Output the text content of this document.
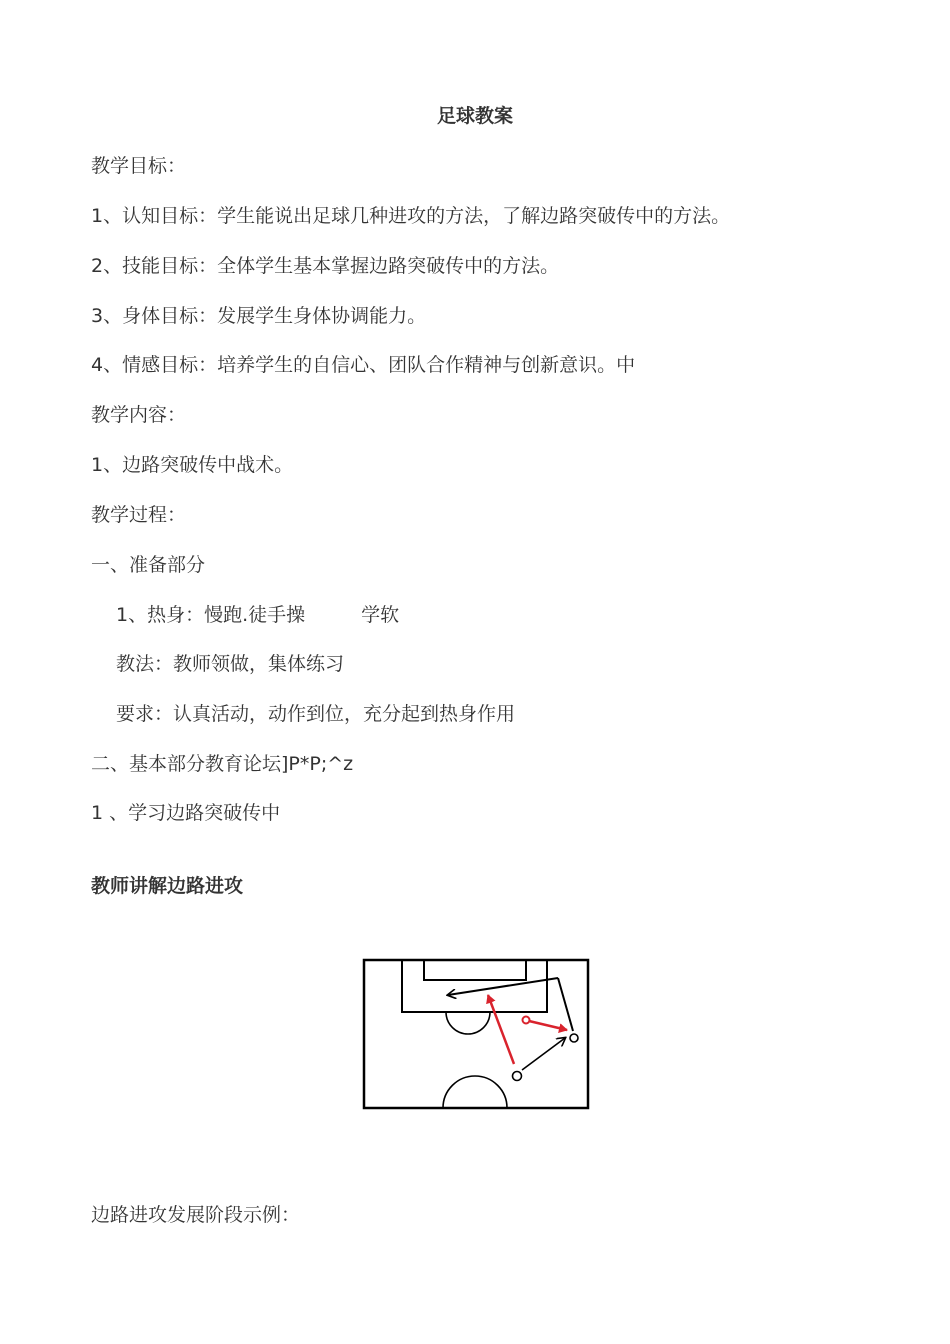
足球教案
教学目标：
1、认知目标：学生能说出足球几种进攻的方法，了解边路突破传中的方法。
2、技能目标：全体学生基本掌握边路突破传中的方法。
3、身体目标：发展学生身体协调能力。
4、情感目标：培养学生的自信心、团队合作精神与创新意识。中
教学内容：
1、边路突破传中战术。
教学过程：
一、准备部分
1、热身：慢跑.徒手操	学软
教法：教师领做，集体练习
要求：认真活动，动作到位，充分起到热身作用
二、基本部分教育论坛]P*P;^z
1 、学习边路突破传中
教师讲解边路进攻
边路进攻发展阶段示例：
